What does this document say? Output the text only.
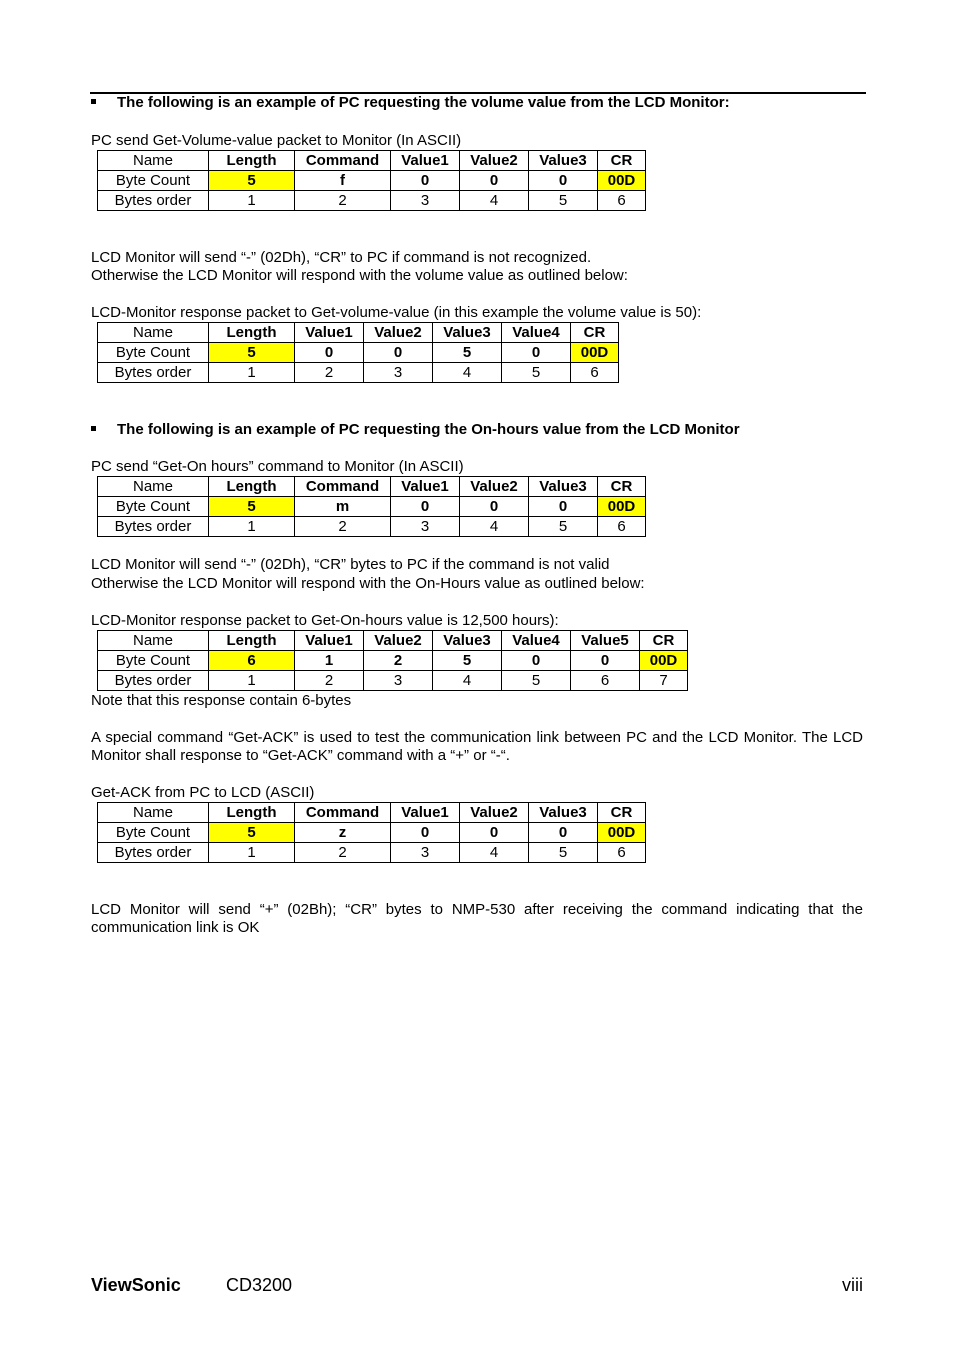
The following is an example of PC requesting the volume value from the LCD Monitor:
PC send Get-Volume-value packet to Monitor (In ASCII)
Name	Length	Command	Value1	Value2	Value3	CR
Byte Count	5	f	0	0	0	00D
Bytes order	1	2	3	4	5	6
LCD Monitor will send “-” (02Dh), “CR” to PC if command is not recognized.
Otherwise the LCD Monitor will respond with the volume value as outlined below:
LCD-Monitor response packet to Get-volume-value (in this example the volume value is 50):
Name	Length	Value1	Value2	Value3	Value4	CR
Byte Count	5	0	0	5	0	00D
Bytes order	1	2	3	4	5	6
The following is an example of PC requesting the On-hours value from the LCD Monitor
PC send “Get-On hours” command to Monitor (In ASCII)
Name	Length	Command	Value1	Value2	Value3	CR
Byte Count	5	m	0	0	0	00D
Bytes order	1	2	3	4	5	6
LCD Monitor will send “-” (02Dh), “CR” bytes to PC if the command is not valid
Otherwise the LCD Monitor will respond with the On-Hours value as outlined below:
LCD-Monitor response packet to Get-On-hours value is 12,500 hours):
Name	Length	Value1	Value2	Value3	Value4	Value5	CR
Byte Count	6	1	2	5	0	0	00D
Bytes order	1	2	3	4	5	6	7
Note that this response contain 6-bytes
A special command “Get-ACK” is used to test the communication link between PC and the LCD Monitor. The LCD Monitor shall response to “Get-ACK” command with a “+” or “-“.
Get-ACK from PC to LCD (ASCII)
Name	Length	Command	Value1	Value2	Value3	CR
Byte Count	5	z	0	0	0	00D
Bytes order	1	2	3	4	5	6
LCD Monitor will send “+” (02Bh); “CR” bytes to NMP-530 after receiving the command indicating that the communication link is OK
ViewSonic	CD3200	viii
